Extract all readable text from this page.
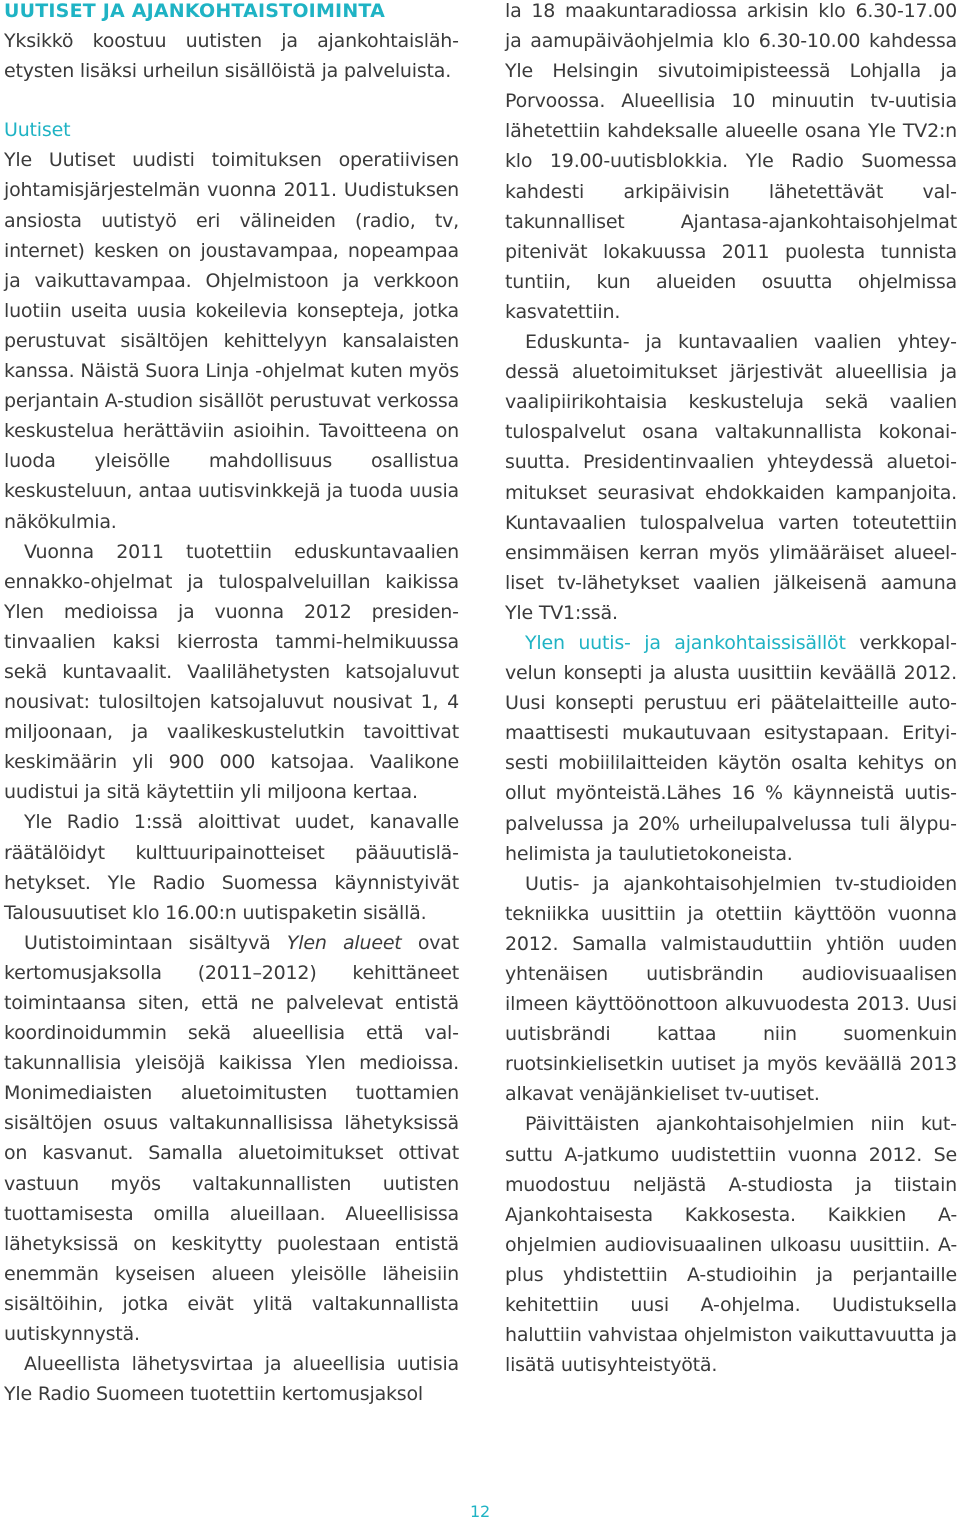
UUTISET JA AJANKOHTAISTOIMINTA

Yksikkö koostuu uutisten ja ajankohtaislähetysten lisäksi urheilun sisällöistä ja palveluista.

Uutiset

Yle Uutiset uudisti toimituksen operatiivisen johtamisjärjestelmän vuonna 2011. Uudistuksen ansiosta uutistyö eri välineiden (radio, tv, internet) kesken on joustavampaa, nopeampaa ja vaikuttavampaa. Ohjelmistoon ja verkkoon luotiin useita uusia kokeilevia konsepteja, jotka perustuvat sisältöjen kehittelyyn kansalaisten kanssa. Näistä Suora Linja -ohjelmat kuten myös perjantain A-studion sisällöt perustuvat verkossa keskustelua herättäviin asioihin. Tavoitteena on luoda yleisölle mahdollisuus osallistua keskusteluun, antaa uutisvinkkejä ja tuoda uusia näkökulmia.

Vuonna 2011 tuotettiin eduskuntavaalien ennakko-ohjelmat ja tulospalveluillan kaikissa Ylen medioissa ja vuonna 2012 presidentinvaalien kaksi kierrosta tammi-helmikuussa sekä kuntavaalit. Vaalilähetysten katsojaluvut nousivat: tulosiltojen katsojaluvut nousivat 1, 4 miljoonaan, ja vaalikeskustelutkin tavoittivat keskimäärin yli 900 000 katsojaa. Vaalikone uudistui ja sitä käytettiin yli miljoona kertaa.

Yle Radio 1:ssä aloittivat uudet, kanavalle räätälöidyt kulttuuripainotteiset pääuutislähetykset. Yle Radio Suomessa käynnistyivät Talousuutiset klo 16.00:n uutispaketin sisällä.

Uutistoimintaan sisältyvä Ylen alueet ovat kertomusjaksolla (2011–2012) kehittäneet toimintaansa siten, että ne palvelevat entistä koordinoidummin sekä alueellisia että valtakunnallisia yleisöjä kaikissa Ylen medioissa. Monimediaisten aluetoimitusten tuottamien sisältöjen osuus valtakunnallisissa lähetyksissä on kasvanut. Samalla aluetoimitukset ottivat vastuun myös valtakunnallisten uutisten tuottamisesta omilla alueillaan. Alueellisissa lähetyksissä on keskitytty puolestaan entistä enemmän kyseisen alueen yleisölle läheisiin sisältöihin, jotka eivät ylitä valtakunnallista uutiskynnystä.

Alueellista lähetysvirtaa ja alueellisia uutisia Yle Radio Suomeen tuotettiin kertomusjaksol

la 18 maakuntaradiossa arkisin klo 6.30-17.00 ja aamupäiväohjelmia klo 6.30-10.00 kahdessa Yle Helsingin sivutoimipisteessä Lohjalla ja Porvoossa. Alueellisia 10 minuutin tv-uutisia lähetettiin kahdeksalle alueelle osana Yle TV2:n klo 19.00-uutisblokkia. Yle Radio Suomessa kahdesti arkipäivisin lähetettävät valtakunnalliset Ajantasa-ajankohtaisohjelmat pitenivät lokakuussa 2011 puolesta tunnista tuntiin, kun alueiden osuutta ohjelmissa kasvatettiin.

Eduskunta- ja kuntavaalien vaalien yhteydessä aluetoimitukset järjestivät alueellisia ja vaalipiirikohtaisia keskusteluja sekä vaalien tulospalvelut osana valtakunnallista kokonaisuutta. Presidentinvaalien yhteydessä aluetoimitukset seurasivat ehdokkaiden kampanjoita. Kuntavaalien tulospalvelua varten toteutettiin ensimmäisen kerran myös ylimääräiset alueelliset tv-lähetykset vaalien jälkeisenä aamuna Yle TV1:ssä.

Ylen uutis- ja ajankohtaissisällöt verkkopalvelun konsepti ja alusta uusittiin keväällä 2012. Uusi konsepti perustuu eri päätelaitteille automaattisesti mukautuvaan esitystapaan. Erityisesti mobiililaitteiden käytön osalta kehitys on ollut myönteistä.Lähes 16 % käynneistä uutispalvelussa ja 20% urheilupalvelussa tuli älypuhelimista ja taulutietokoneista.

Uutis- ja ajankohtaisohjelmien tv-studioiden tekniikka uusittiin ja otettiin käyttöön vuonna 2012. Samalla valmistauduttiin yhtiön uuden yhtenäisen uutisbrändin audiovisuaalisen ilmeen käyttöönottoon alkuvuodesta 2013. Uusi uutisbrändi kattaa niin suomenkuin ruotsinkielisetkin uutiset ja myös keväällä 2013 alkavat venäjänkieliset tv-uutiset.

Päivittäisten ajankohtaisohjelmien niin kutsuttu A-jatkumo uudistettiin vuonna 2012. Se muodostuu neljästä A-studiosta ja tiistain Ajankohtaisesta Kakkosesta. Kaikkien A-ohjelmien audiovisuaalinen ulkoasu uusittiin. A-plus yhdistettiin A-studioihin ja perjantaille kehitettiin uusi A-ohjelma. Uudistuksella haluttiin vahvistaa ohjelmiston vaikuttavuutta ja lisätä uutisyhteistyötä.

12
